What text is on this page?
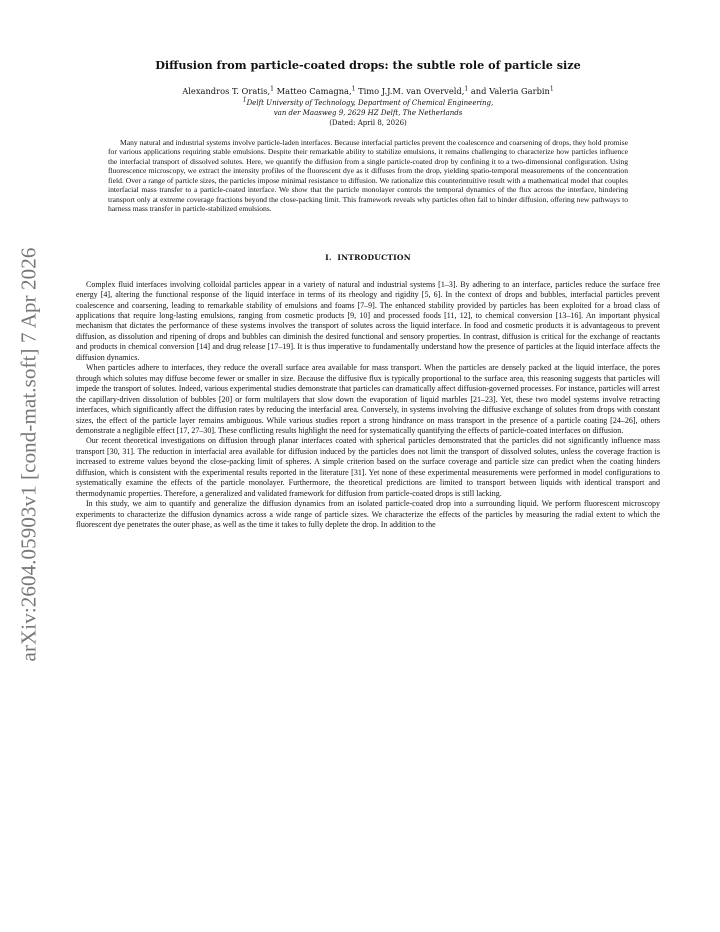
arXiv:2604.05903v1 [cond-mat.soft] 7 Apr 2026
Diffusion from particle-coated drops: the subtle role of particle size
Alexandros T. Oratis,$^1$ Matteo Camagna,$^1$ Timo J.J.M. van Overveld,$^1$ and Valeria Garbin$^1$
$^1$Delft University of Technology, Department of Chemical Engineering,
van der Maasweg 9, 2629 HZ Delft, The Netherlands
(Dated: April 8, 2026)

Many natural and industrial systems involve particle-laden interfaces. Because interfacial particles prevent the coalescence and coarsening of drops, they hold promise for various applications requiring stable emulsions. Despite their remarkable ability to stabilize emulsions, it remains challenging to characterize how particles influence the interfacial transport of dissolved solutes. Here, we quantify the diffusion from a single particle-coated drop by confining it to a two-dimensional configuration. Using fluorescence microscopy, we extract the intensity profiles of the fluorescent dye as it diffuses from the drop, yielding spatio-temporal measurements of the concentration field. Over a range of particle sizes, the particles impose minimal resistance to diffusion. We rationalize this counterintuitive result with a mathematical model that couples interfacial mass transfer to a particle-coated interface. We show that the particle monolayer controls the temporal dynamics of the flux across the interface, hindering transport only at extreme coverage fractions beyond the close-packing limit. This framework reveals why particles often fail to hinder diffusion, offering new pathways to harness mass transfer in particle-stabilized emulsions.

I. INTRODUCTION

Complex fluid interfaces involving colloidal particles appear in a variety of natural and industrial systems [1–3]. By adhering to an interface, particles reduce the surface free energy [4], altering the functional response of the liquid interface in terms of its rheology and rigidity [5, 6]. In the context of drops and bubbles, interfacial particles prevent coalescence and coarsening, leading to remarkable stability of emulsions and foams [7–9]. The enhanced stability provided by particles has been exploited for a broad class of applications that require long-lasting emulsions, ranging from cosmetic products [9, 10] and processed foods [11, 12], to chemical conversion [13–16]. An important physical mechanism that dictates the performance of these systems involves the transport of solutes across the liquid interface. In food and cosmetic products it is advantageous to prevent diffusion, as dissolution and ripening of drops and bubbles can diminish the desired functional and sensory properties. In contrast, diffusion is critical for the exchange of reactants and products in chemical conversion [14] and drug release [17–19]. It is thus imperative to fundamentally understand how the presence of particles at the liquid interface affects the diffusion dynamics.

When particles adhere to interfaces, they reduce the overall surface area available for mass transport. When the particles are densely packed at the liquid interface, the pores through which solutes may diffuse become fewer or smaller in size. Because the diffusive flux is typically proportional to the surface area, this reasoning suggests that particles will impede the transport of solutes. Indeed, various experimental studies demonstrate that particles can dramatically affect diffusion-governed processes. For instance, particles will arrest the capillary-driven dissolution of bubbles [20] or form multilayers that slow down the evaporation of liquid marbles [21–23]. Yet, these two model systems involve retracting interfaces, which significantly affect the diffusion rates by reducing the interfacial area. Conversely, in systems involving the diffusive exchange of solutes from drops with constant sizes, the effect of the particle layer remains ambiguous. While various studies report a strong hindrance on mass transport in the presence of a particle coating [24–26], others demonstrate a negligible effect [17, 27–30]. These conflicting results highlight the need for systematically quantifying the effects of particle-coated interfaces on diffusion.

Our recent theoretical investigations on diffusion through planar interfaces coated with spherical particles demonstrated that the particles did not significantly influence mass transport [30, 31]. The reduction in interfacial area available for diffusion induced by the particles does not limit the transport of dissolved solutes, unless the coverage fraction is increased to extreme values beyond the close-packing limit of spheres. A simple criterion based on the surface coverage and particle size can predict when the coating hinders diffusion, which is consistent with the experimental results reported in the literature [31]. Yet none of these experimental measurements were performed in model configurations to systematically examine the effects of the particle monolayer. Furthermore, the theoretical predictions are limited to transport between liquids with identical transport and thermodynamic properties. Therefore, a generalized and validated framework for diffusion from particle-coated drops is still lacking.

In this study, we aim to quantify and generalize the diffusion dynamics from an isolated particle-coated drop into a surrounding liquid. We perform fluorescent microscopy experiments to characterize the diffusion dynamics across a wide range of particle sizes. We characterize the effects of the particles by measuring the radial extent to which the fluorescent dye penetrates the outer phase, as well as the time it takes to fully deplete the drop. In addition to the
